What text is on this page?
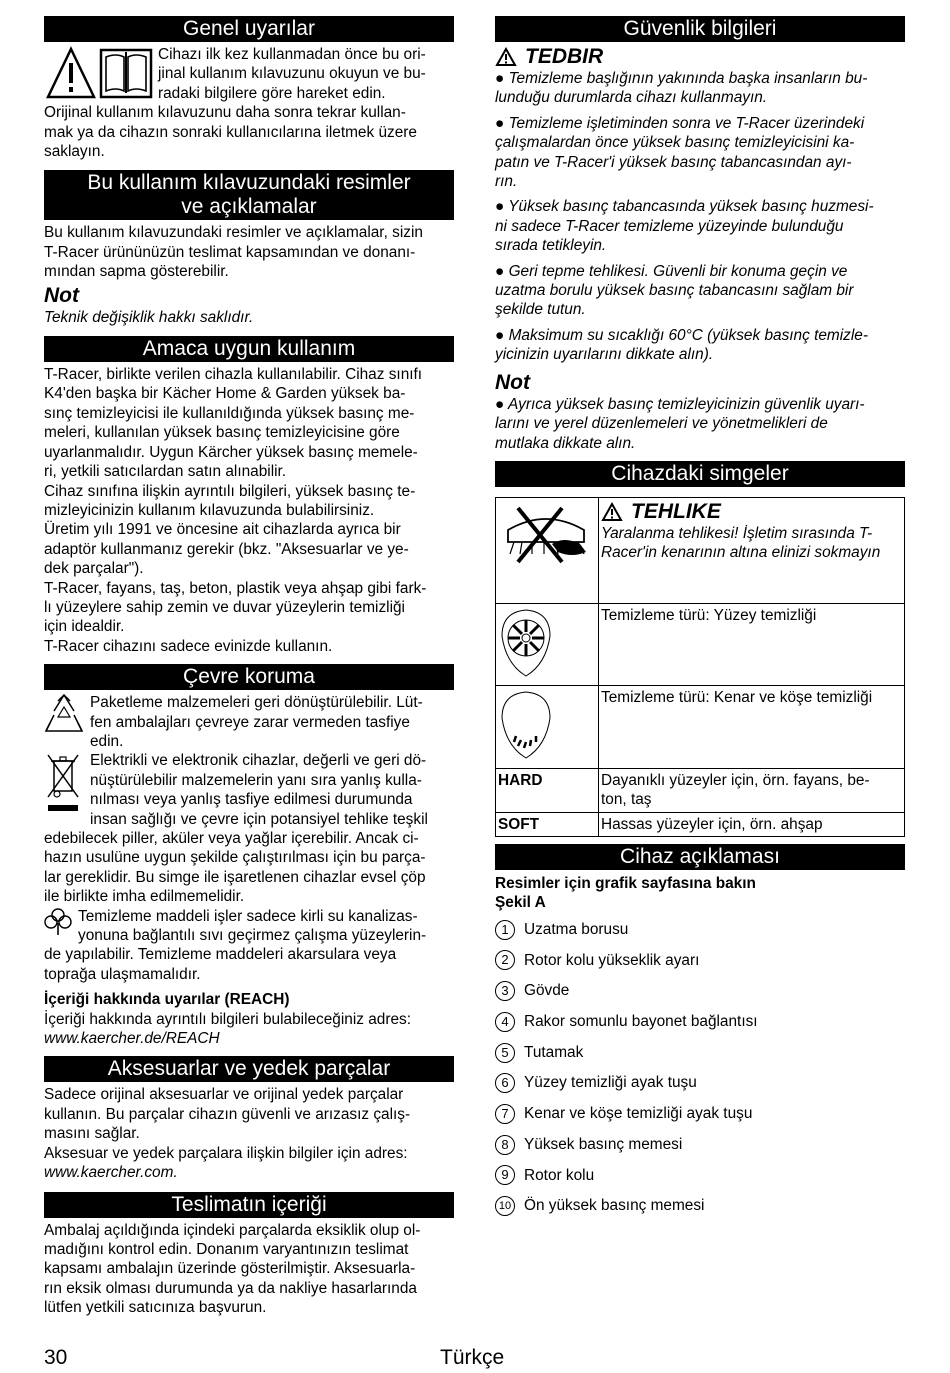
Genel uyarılar

Cihazı ilk kez kullanmadan önce bu ori-

jinal kullanım kılavuzunu okuyun ve bu-

radaki bilgilere göre hareket edin.

Orijinal kullanım kılavuzunu daha sonra tekrar kullan-

mak ya da cihazın sonraki kullanıcılarına iletmek üzere

saklayın.

Bu kullanım kılavuzundaki resimler
ve açıklamalar

Bu kullanım kılavuzundaki resimler ve açıklamalar, sizin

T-Racer ürününüzün teslimat kapsamından ve donanı-

mından sapma gösterebilir.

Not

Teknik değişiklik hakkı saklıdır.

Amaca uygun kullanım

T-Racer, birlikte verilen cihazla kullanılabilir. Cihaz sınıfı

K4'den başka bir Kächer Home & Garden yüksek ba-

sınç temizleyicisi ile kullanıldığında yüksek basınç me-

meleri, kullanılan yüksek basınç temizleyicisine göre

uyarlanmalıdır. Uygun Kärcher yüksek basınç memele-

ri, yetkili satıcılardan satın alınabilir.

Cihaz sınıfına ilişkin ayrıntılı bilgileri, yüksek basınç te-

mizleyicinizin kullanım kılavuzunda bulabilirsiniz.

Üretim yılı 1991 ve öncesine ait cihazlarda ayrıca bir

adaptör kullanmanız gerekir (bkz. "Aksesuarlar ve ye-

dek parçalar").

T-Racer, fayans, taş, beton, plastik veya ahşap gibi fark-

lı yüzeylere sahip zemin ve duvar yüzeylerin temizliği

için idealdir.

T-Racer cihazını sadece evinizde kullanın.

Çevre koruma

Paketleme malzemeleri geri dönüştürülebilir. Lüt-

fen ambalajları çevreye zarar vermeden tasfiye

edin.

Elektrikli ve elektronik cihazlar, değerli ve geri dö-

nüştürülebilir malzemelerin yanı sıra yanlış kulla-

nılması veya yanlış tasfiye edilmesi durumunda

insan sağlığı ve çevre için potansiyel tehlike teşkil

edebilecek piller, aküler veya yağlar içerebilir. Ancak ci-

hazın usulüne uygun şekilde çalıştırılması için bu parça-

lar gereklidir. Bu simge ile işaretlenen cihazlar evsel çöp

ile birlikte imha edilmemelidir.

Temizleme maddeli işler sadece kirli su kanalizas-

yonuna bağlantılı sıvı geçirmez çalışma yüzeylerin-

de yapılabilir. Temizleme maddeleri akarsulara veya

toprağa ulaşmamalıdır.

İçeriği hakkında uyarılar (REACH)

İçeriği hakkında ayrıntılı bilgileri bulabileceğiniz adres:

www.kaercher.de/REACH

Aksesuarlar ve yedek parçalar

Sadece orijinal aksesuarlar ve orijinal yedek parçalar

kullanın. Bu parçalar cihazın güvenli ve arızasız çalış-

masını sağlar.

Aksesuar ve yedek parçalara ilişkin bilgiler için adres:

www.kaercher.com.

Teslimatın içeriği

Ambalaj açıldığında içindeki parçalarda eksiklik olup ol-

madığını kontrol edin. Donanım varyantınızın teslimat

kapsamı ambalajın üzerinde gösterilmiştir. Aksesuarla-

rın eksik olması durumunda ya da nakliye hasarlarında

lütfen yetkili satıcınıza başvurun.

Güvenlik bilgileri
TEDBIR
● Temizleme başlığının yakınında başka insanların bu-
lunduğu durumlarda cihazı kullanmayın.
● Temizleme işletiminden sonra ve T-Racer üzerindeki
çalışmalardan önce yüksek basınç temizleyicisini ka-
patın ve T-Racer'i yüksek basınç tabancasından ayı-
rın.
● Yüksek basınç tabancasında yüksek basınç huzmesi-
ni sadece T-Racer temizleme yüzeyinde bulunduğu
sırada tetikleyin.
● Geri tepme tehlikesi. Güvenli bir konuma geçin ve
uzatma borulu yüksek basınç tabancasını sağlam bir
şekilde tutun.
● Maksimum su sıcaklığı 60°C (yüksek basınç temizle-
yicinizin uyarılarını dikkate alın).
Not
● Ayrıca yüksek basınç temizleyicinizin güvenlik uyarı-
larını ve yerel düzenlemeleri ve yönetmelikleri de
mutlaka dikkate alın.
Cihazdaki simgeler

TEHLIKE
Yaralanma tehlikesi! İşletim sırasında T-
Racer'in kenarının altına elinizi sokmayın

	Temizleme türü: Yüzey temizliği
	Temizleme türü: Kenar ve köşe temizliği
HARD	Dayanıklı yüzeyler için, örn. fayans, be-
ton, taş

SOFT	Hassas yüzeyler için, örn. ahşap
Cihaz açıklaması

Resimler için grafik sayfasına bakın

Şekil A

1 Uzatma borusu
2 Rotor kolu yükseklik ayarı
3 Gövde
4 Rakor somunlu bayonet bağlantısı
5 Tutamak
6 Yüzey temizliği ayak tuşu
7 Kenar ve köşe temizliği ayak tuşu
8 Yüksek basınç memesi
9 Rotor kolu
10 Ön yüksek basınç memesi
30	Türkçe
